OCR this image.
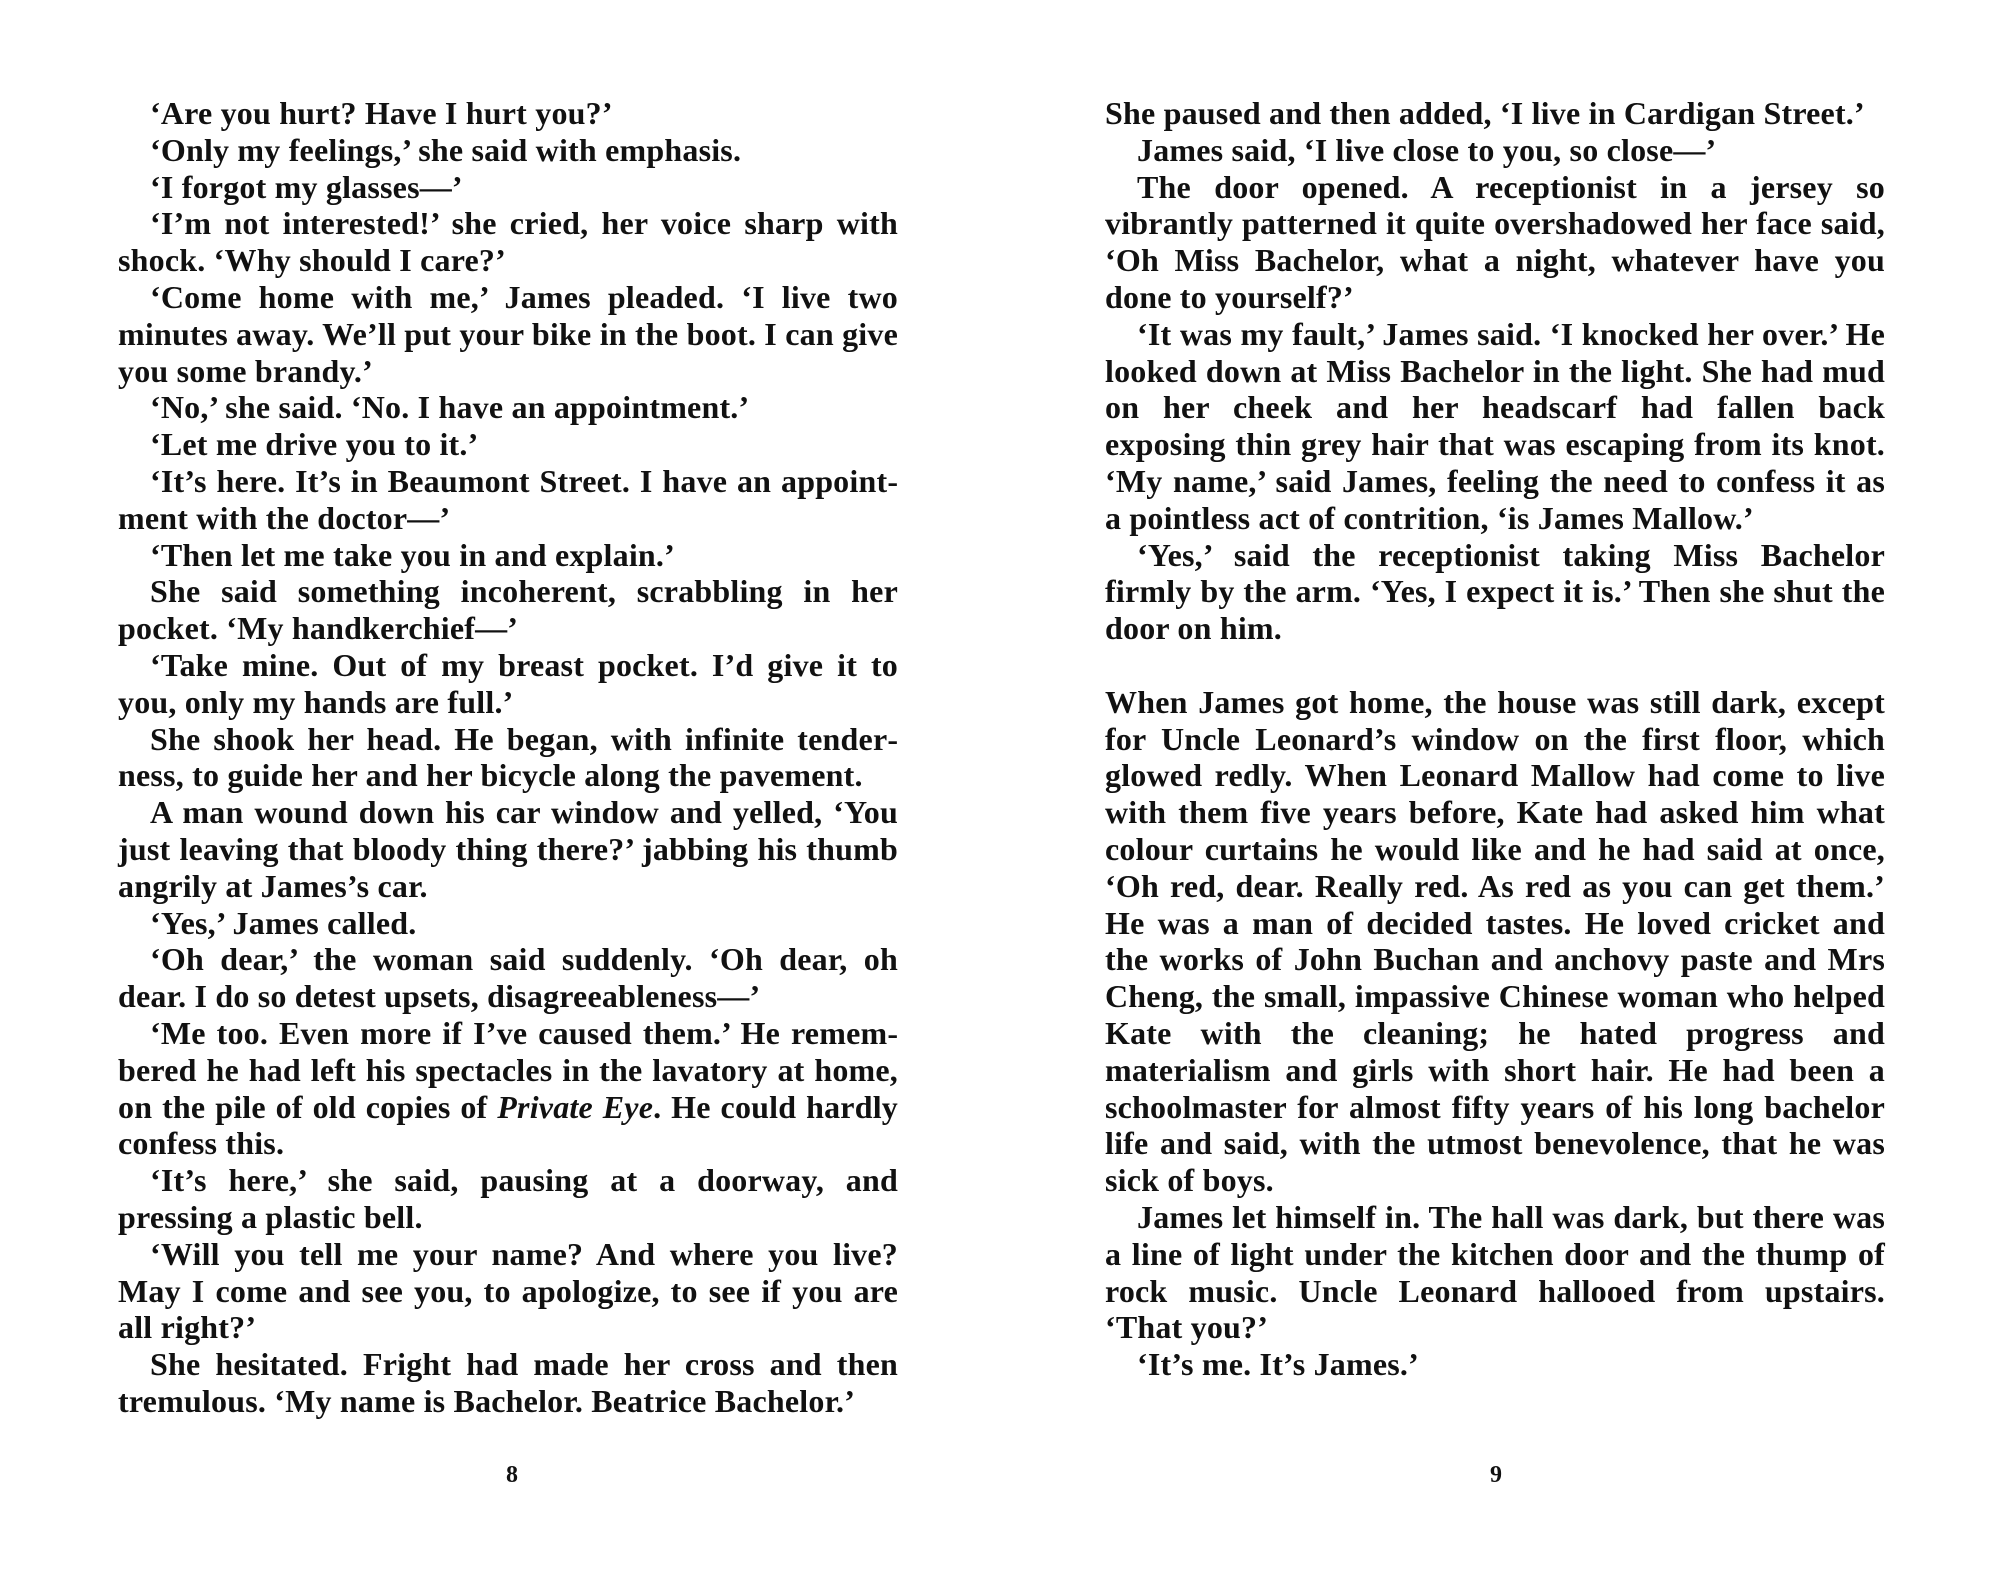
‘Are you hurt? Have I hurt you?’

‘Only my feelings,’ she said with emphasis.

‘I forgot my glasses—’

‘I’m not interested!’ she cried, her voice sharp with shock. ‘Why should I care?’

‘Come home with me,’ James pleaded. ‘I live two minutes away. We’ll put your bike in the boot. I can give you some brandy.’

‘No,’ she said. ‘No. I have an appointment.’

‘Let me drive you to it.’

‘It’s here. It’s in Beaumont Street. I have an appointment with the doctor—’

‘Then let me take you in and explain.’

She said something incoherent, scrabbling in her pocket. ‘My handkerchief—’

‘Take mine. Out of my breast pocket. I’d give it to you, only my hands are full.’

She shook her head. He began, with infinite tenderness, to guide her and her bicycle along the pavement.

A man wound down his car window and yelled, ‘You just leaving that bloody thing there?’ jabbing his thumb angrily at James’s car.

‘Yes,’ James called.

‘Oh dear,’ the woman said suddenly. ‘Oh dear, oh dear. I do so detest upsets, disagreeableness—’

‘Me too. Even more if I’ve caused them.’ He remembered he had left his spectacles in the lavatory at home, on the pile of old copies of Private Eye. He could hardly confess this.

‘It’s here,’ she said, pausing at a doorway, and pressing a plastic bell.

‘Will you tell me your name? And where you live? May I come and see you, to apologize, to see if you are all right?’

She hesitated. Fright had made her cross and then tremulous. ‘My name is Bachelor. Beatrice Bachelor.’

8

She paused and then added, ‘I live in Cardigan Street.’

James said, ‘I live close to you, so close—’

The door opened. A receptionist in a jersey so vibrantly patterned it quite overshadowed her face said, ‘Oh Miss Bachelor, what a night, whatever have you done to yourself?’

‘It was my fault,’ James said. ‘I knocked her over.’ He looked down at Miss Bachelor in the light. She had mud on her cheek and her headscarf had fallen back exposing thin grey hair that was escaping from its knot. ‘My name,’ said James, feeling the need to confess it as a pointless act of contrition, ‘is James Mallow.’

‘Yes,’ said the receptionist taking Miss Bachelor firmly by the arm. ‘Yes, I expect it is.’ Then she shut the door on him.

When James got home, the house was still dark, except for Uncle Leonard’s window on the first floor, which glowed redly. When Leonard Mallow had come to live with them five years before, Kate had asked him what colour curtains he would like and he had said at once, ‘Oh red, dear. Really red. As red as you can get them.’ He was a man of decided tastes. He loved cricket and the works of John Buchan and anchovy paste and Mrs Cheng, the small, impassive Chinese woman who helped Kate with the cleaning; he hated progress and materialism and girls with short hair. He had been a schoolmaster for almost fifty years of his long bachelor life and said, with the utmost benevolence, that he was sick of boys.

James let himself in. The hall was dark, but there was a line of light under the kitchen door and the thump of rock music. Uncle Leonard hallooed from upstairs. ‘That you?’

‘It’s me. It’s James.’

9
